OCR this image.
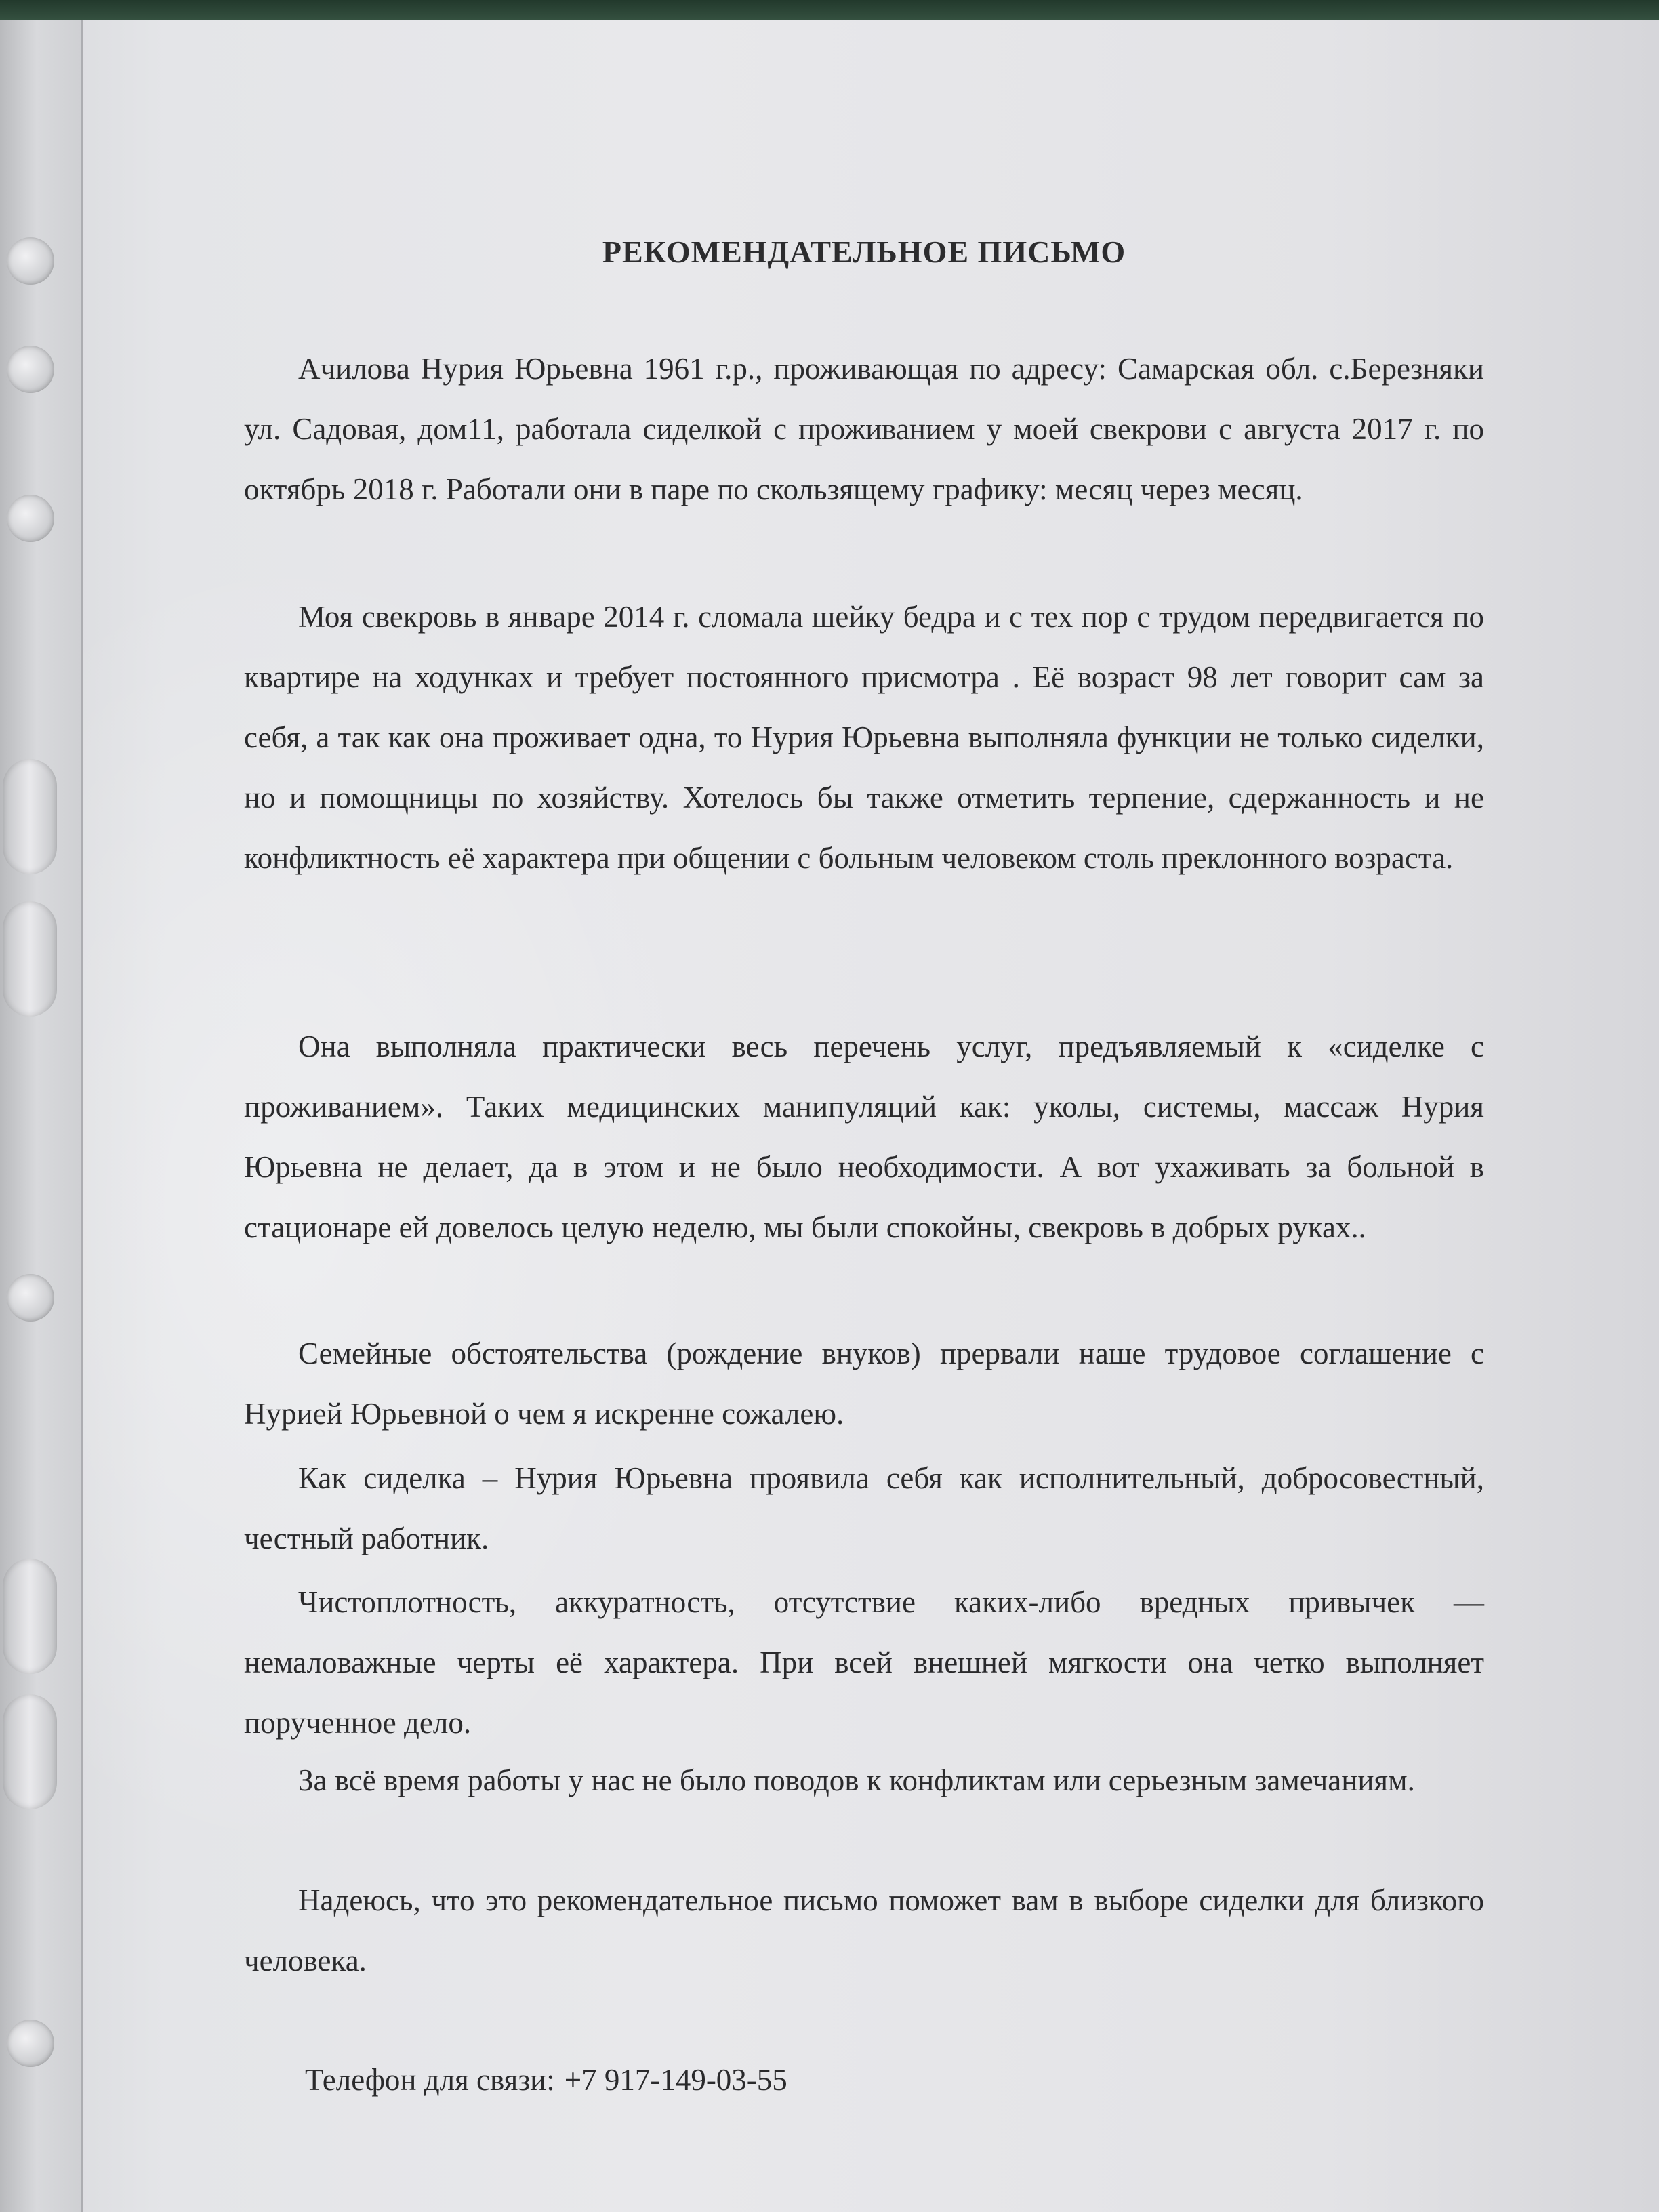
РЕКОМЕНДАТЕЛЬНОЕ ПИСЬМО

Ачилова Нурия Юрьевна 1961 г.р., проживающая по адресу: Самарская обл. с.Березняки ул. Садовая, дом11, работала сиделкой с проживанием у моей свекрови с августа 2017 г. по октябрь 2018 г. Работали они в паре по скользящему графику: месяц через месяц.

Моя свекровь в январе 2014 г. сломала шейку бедра и с тех пор с трудом передвигается по квартире на ходунках и требует постоянного присмотра . Её возраст 98 лет говорит сам за себя, а так как она проживает одна, то Нурия Юрьевна выполняла функции не только сиделки, но и помощницы по хозяйству. Хотелось бы также отметить терпение, сдержанность и не конфликтность её характера при общении с больным человеком столь преклонного возраста.

Она выполняла практически весь перечень услуг, предъявляемый к «сиделке с проживанием». Таких медицинских манипуляций как: уколы, системы, массаж Нурия Юрьевна не делает, да в этом и не было необходимости. А вот ухаживать за больной в стационаре ей довелось целую неделю, мы были спокойны, свекровь в добрых руках..

Семейные обстоятельства (рождение внуков) прервали наше трудовое соглашение с Нурией Юрьевной о чем я искренне сожалею.

Как сиделка – Нурия Юрьевна проявила себя как исполнительный, добросовестный, честный работник.

Чистоплотность, аккуратность, отсутствие каких-либо вредных привычек — немаловажные черты её характера. При всей внешней мягкости она четко выполняет порученное дело.

За всё время работы у нас не было поводов к конфликтам или серьезным замечаниям.

Надеюсь, что это рекомендательное письмо поможет вам в выборе сиделки для близкого человека.

Телефон для связи: +7 917-149-03-55
